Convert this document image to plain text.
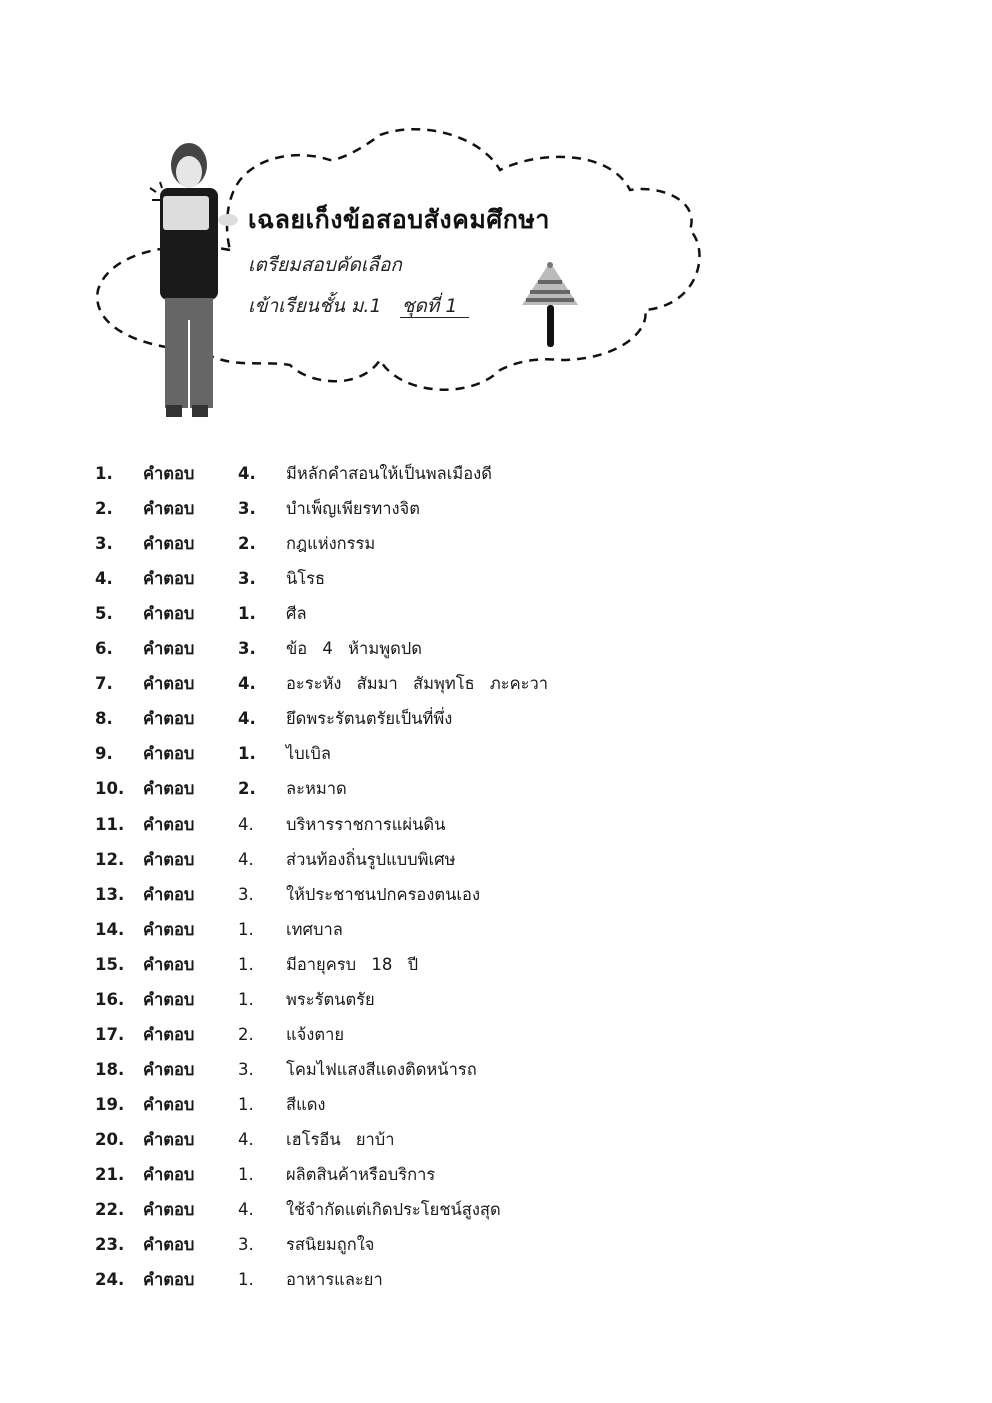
เฉลยเก็งข้อสอบสังคมศึกษา
เตรียมสอบคัดเลือก
เข้าเรียนชั้น ม.1 ชุดที่ 1
1. คำตอบ	4. มีหลักคำสอนให้เป็นพลเมืองดี
2. คำตอบ	3. บำเพ็ญเพียรทางจิต
3. คำตอบ	2. กฎแห่งกรรม
4. คำตอบ	3. นิโรธ
5. คำตอบ	1. ศีล
6. คำตอบ	3. ข้อ 4 ห้ามพูดปด
7. คำตอบ	4. อะระหัง สัมมา สัมพุทโธ ภะคะวา
8. คำตอบ	4. ยึดพระรัตนตรัยเป็นที่พึ่ง
9. คำตอบ	1. ไบเบิล
10. คำตอบ	2. ละหมาด
11. คำตอบ	4. บริหารราชการแผ่นดิน
12. คำตอบ	4. ส่วนท้องถิ่นรูปแบบพิเศษ
13. คำตอบ	3. ให้ประชาชนปกครองตนเอง
14. คำตอบ	1. เทศบาล
15. คำตอบ	1. มีอายุครบ 18 ปี
16. คำตอบ	1. พระรัตนตรัย
17. คำตอบ	2. แจ้งตาย
18. คำตอบ	3. โคมไฟแสงสีแดงติดหน้ารถ
19. คำตอบ	1. สีแดง
20. คำตอบ	4. เฮโรอีน ยาบ้า
21. คำตอบ	1. ผลิตสินค้าหรือบริการ
22. คำตอบ	4. ใช้จำกัดแต่เกิดประโยชน์สูงสุด
23. คำตอบ	3. รสนิยมถูกใจ
24. คำตอบ	1. อาหารและยา
